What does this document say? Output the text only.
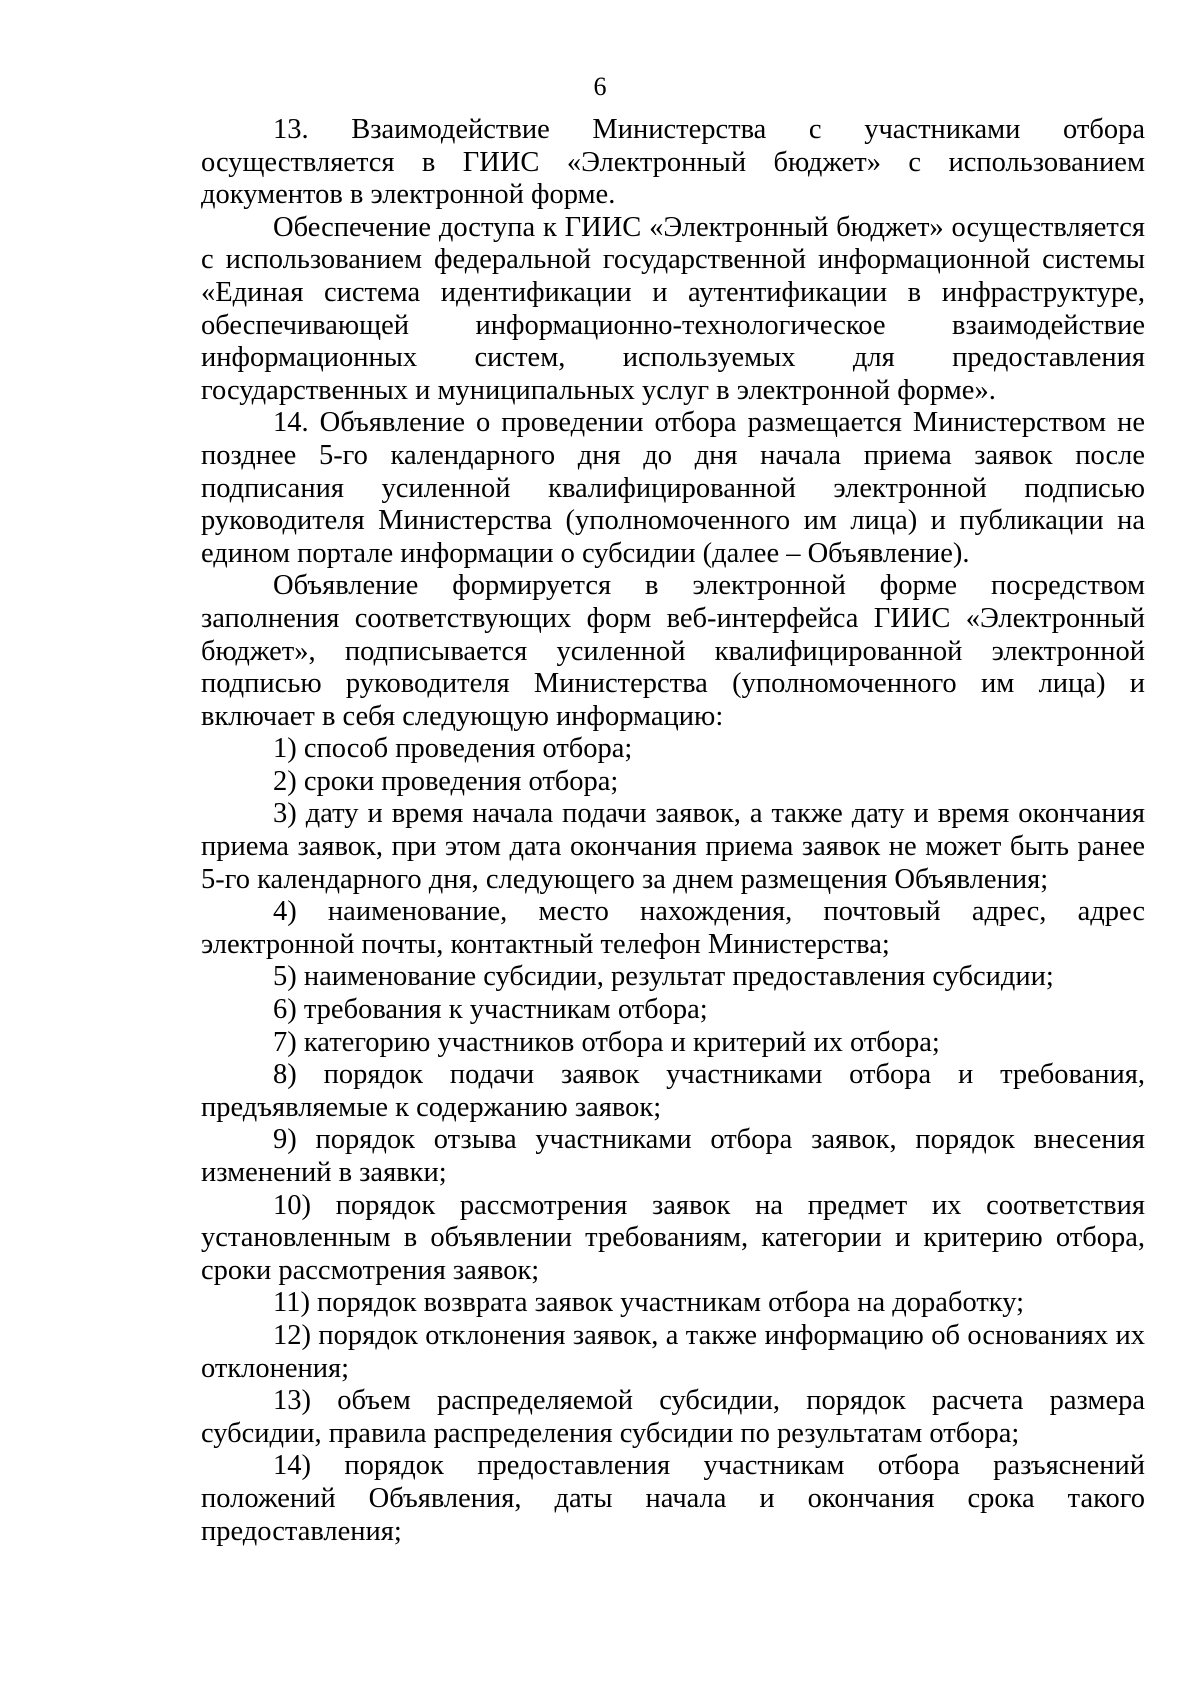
6

13. Взаимодействие Министерства с участниками отбора осуществляется в ГИИС «Электронный бюджет» с использованием документов в электронной форме.

Обеспечение доступа к ГИИС «Электронный бюджет» осуществляется с использованием федеральной государственной информационной системы «Единая система идентификации и аутентификации в инфраструктуре, обеспечивающей информационно-технологическое взаимодействие информационных систем, используемых для предоставления государственных и муниципальных услуг в электронной форме».

14. Объявление о проведении отбора размещается Министерством не позднее 5-го календарного дня до дня начала приема заявок после подписания усиленной квалифицированной электронной подписью руководителя Министерства (уполномоченного им лица) и публикации на едином портале информации о субсидии (далее – Объявление).

Объявление формируется в электронной форме посредством заполнения соответствующих форм веб-интерфейса ГИИС «Электронный бюджет», подписывается усиленной квалифицированной электронной подписью руководителя Министерства (уполномоченного им лица) и включает в себя следующую информацию:

1) способ проведения отбора;
2) сроки проведения отбора;
3) дату и время начала подачи заявок, а также дату и время окончания приема заявок, при этом дата окончания приема заявок не может быть ранее 5-го календарного дня, следующего за днем размещения Объявления;
4) наименование, место нахождения, почтовый адрес, адрес электронной почты, контактный телефон Министерства;
5) наименование субсидии, результат предоставления субсидии;
6) требования к участникам отбора;
7) категорию участников отбора и критерий их отбора;
8) порядок подачи заявок участниками отбора и требования, предъявляемые к содержанию заявок;
9) порядок отзыва участниками отбора заявок, порядок внесения изменений в заявки;
10) порядок рассмотрения заявок на предмет их соответствия установленным в объявлении требованиям, категории и критерию отбора, сроки рассмотрения заявок;
11) порядок возврата заявок участникам отбора на доработку;
12) порядок отклонения заявок, а также информацию об основаниях их отклонения;
13) объем распределяемой субсидии, порядок расчета размера субсидии, правила распределения субсидии по результатам отбора;
14) порядок предоставления участникам отбора разъяснений положений Объявления, даты начала и окончания срока такого предоставления;
